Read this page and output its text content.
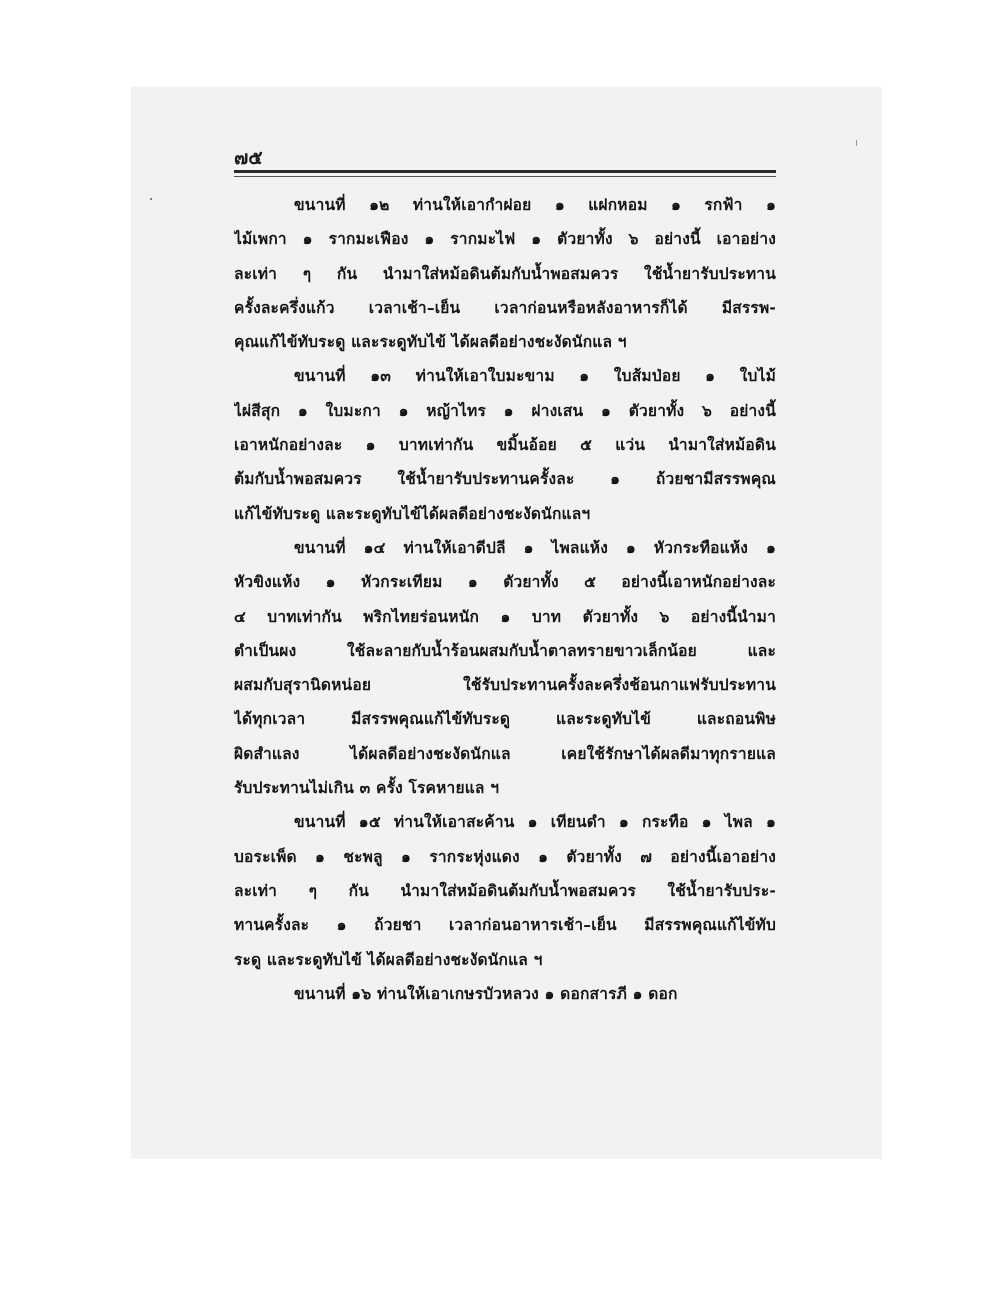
๗๕
ขนานที่ ๑๒ ท่านให้เอากำฝอย ๑ แฝกหอม ๑ รกฟ้า ๑
ไม้เพกา ๑ รากมะเฟือง ๑ รากมะไฟ ๑ ตัวยาทั้ง ๖ อย่างนี้ เอาอย่าง
ละเท่า ๆ กัน นำมาใส่หม้อดินต้มกับน้ำพอสมควร ใช้น้ำยารับประทาน
ครั้งละครึ่งแก้ว เวลาเช้า–เย็น เวลาก่อนหรือหลังอาหารก็ได้ มีสรรพ-
คุณแก้ไข้ทับระดู และระดูทับไข้ ได้ผลดีอย่างชะงัดนักแล ฯ
ขนานที่ ๑๓ ท่านให้เอาใบมะขาม ๑ ใบส้มป่อย ๑ ใบไม้
ไผ่สีสุก ๑ ใบมะกา ๑ หญ้าไทร ๑ ฝางเสน ๑ ตัวยาทั้ง ๖ อย่างนี้
เอาหนักอย่างละ ๑ บาทเท่ากัน ขมิ้นอ้อย ๕ แว่น นำมาใส่หม้อดิน
ต้มกับน้ำพอสมควร ใช้น้ำยารับประทานครั้งละ ๑ ถ้วยชามีสรรพคุณ
แก้ไข้ทับระดู และระดูทับไข้ได้ผลดีอย่างชะงัดนักแลฯ
ขนานที่ ๑๔ ท่านให้เอาดีปลี ๑ ไพลแห้ง ๑ หัวกระทือแห้ง ๑
หัวขิงแห้ง ๑ หัวกระเทียม ๑ ตัวยาทั้ง ๕ อย่างนี้เอาหนักอย่างละ
๔ บาทเท่ากัน พริกไทยร่อนหนัก ๑ บาท ตัวยาทั้ง ๖ อย่างนี้นำมา
ตำเป็นผง ใช้ละลายกับน้ำร้อนผสมกับน้ำตาลทรายขาวเล็กน้อย และ
ผสมกับสุรานิดหน่อย ใช้รับประทานครั้งละครึ่งช้อนกาแฟรับประทาน
ได้ทุกเวลา มีสรรพคุณแก้ไข้ทับระดู และระดูทับไข้ และถอนพิษ
ผิดสำแลง ได้ผลดีอย่างชะงัดนักแล เคยใช้รักษาได้ผลดีมาทุกรายแล
รับประทานไม่เกิน ๓ ครั้ง โรคหายแล ฯ
ขนานที่ ๑๕ ท่านให้เอาสะค้าน ๑ เทียนดำ ๑ กระทือ ๑ ไพล ๑
บอระเพ็ด ๑ ชะพลู ๑ รากระหุ่งแดง ๑ ตัวยาทั้ง ๗ อย่างนี้เอาอย่าง
ละเท่า ๆ กัน นำมาใส่หม้อดินต้มกับน้ำพอสมควร ใช้น้ำยารับประ-
ทานครั้งละ ๑ ถ้วยชา เวลาก่อนอาหารเช้า–เย็น มีสรรพคุณแก้ไข้ทับ
ระดู และระดูทับไข้ ได้ผลดีอย่างชะงัดนักแล ฯ
ขนานที่ ๑๖ ท่านให้เอาเกษรบัวหลวง ๑ ดอกสารภี ๑ ดอก
